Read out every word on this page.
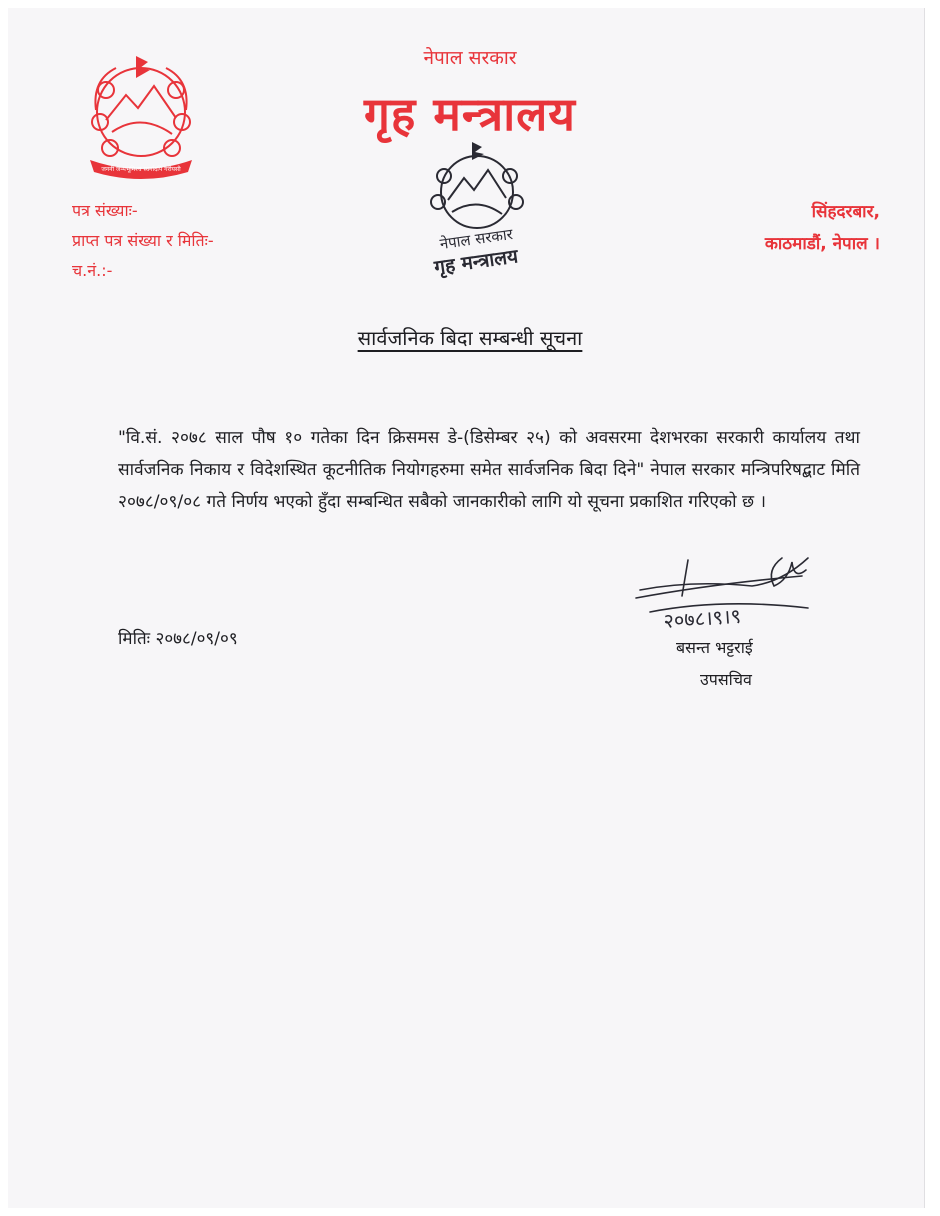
जननी जन्मभूमिश्च स्वर्गादपि गरीयसी
नेपाल सरकार
गृह मन्त्रालय
नेपाल सरकार
गृह मन्त्रालय
पत्र संख्याः-
प्राप्त पत्र संख्या र मितिः-
च.नं.:-
सिंहदरबार,
काठमाडौं, नेपाल ।
सार्वजनिक बिदा सम्बन्धी सूचना
"वि.सं. २०७८ साल पौष १० गतेका दिन क्रिसमस डे-(डिसेम्बर २५) को अवसरमा देशभरका सरकारी कार्यालय तथा सार्वजनिक निकाय र विदेशस्थित कूटनीतिक नियोगहरुमा समेत सार्वजनिक बिदा दिने" नेपाल सरकार मन्त्रिपरिषद्बाट मिति २०७८/०९/०८ गते निर्णय भएको हुँदा सम्बन्धित सबैको जानकारीको लागि यो सूचना प्रकाशित गरिएको छ ।
मितिः २०७८/०९/०९
२०७८।९।९
बसन्त भट्टराई
उपसचिव
